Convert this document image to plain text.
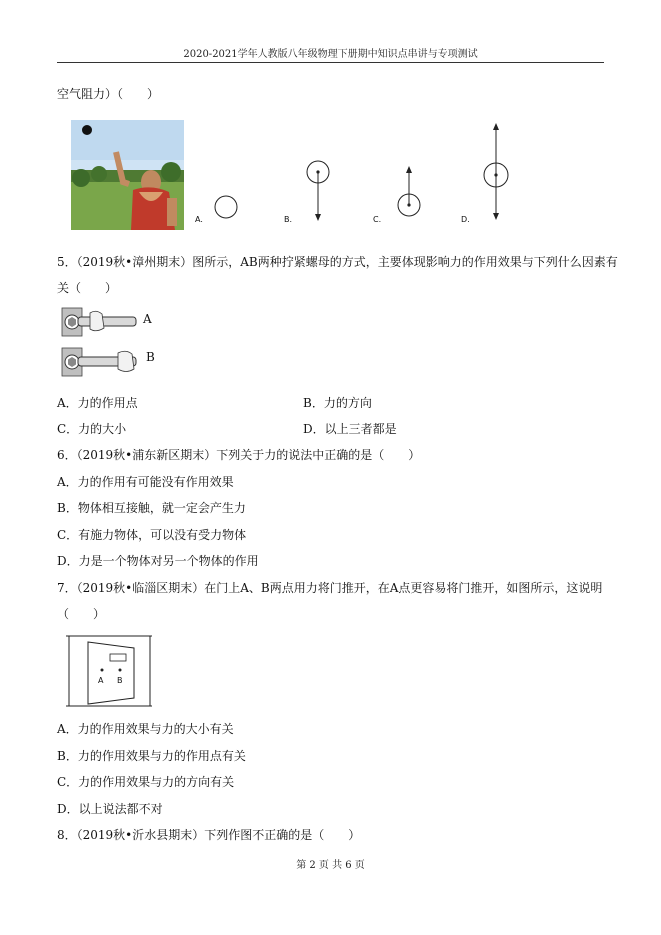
2020-2021学年人教版八年级物理下册期中知识点串讲与专项测试
空气阻力）（　　）
A.	B.	C.	D.
5．（2019秋•漳州期末）图所示，AB两种拧紧螺母的方式，主要体现影响力的作用效果与下列什么因素有
关（　　）
A
B
A．力的作用点	B．力的方向
C．力的大小	D．以上三者都是
6．（2019秋•浦东新区期末）下列关于力的说法中正确的是（　　）
A．力的作用有可能没有作用效果
B．物体相互接触，就一定会产生力
C．有施力物体，可以没有受力物体
D．力是一个物体对另一个物体的作用
7．（2019秋•临淄区期末）在门上A、B两点用力将门推开，在A点更容易将门推开，如图所示，这说明
（　　）
A B
A．力的作用效果与力的大小有关
B．力的作用效果与力的作用点有关
C．力的作用效果与力的方向有关
D．以上说法都不对
8．（2019秋•沂水县期末）下列作图不正确的是（　　）
第 2 页 共 6 页
